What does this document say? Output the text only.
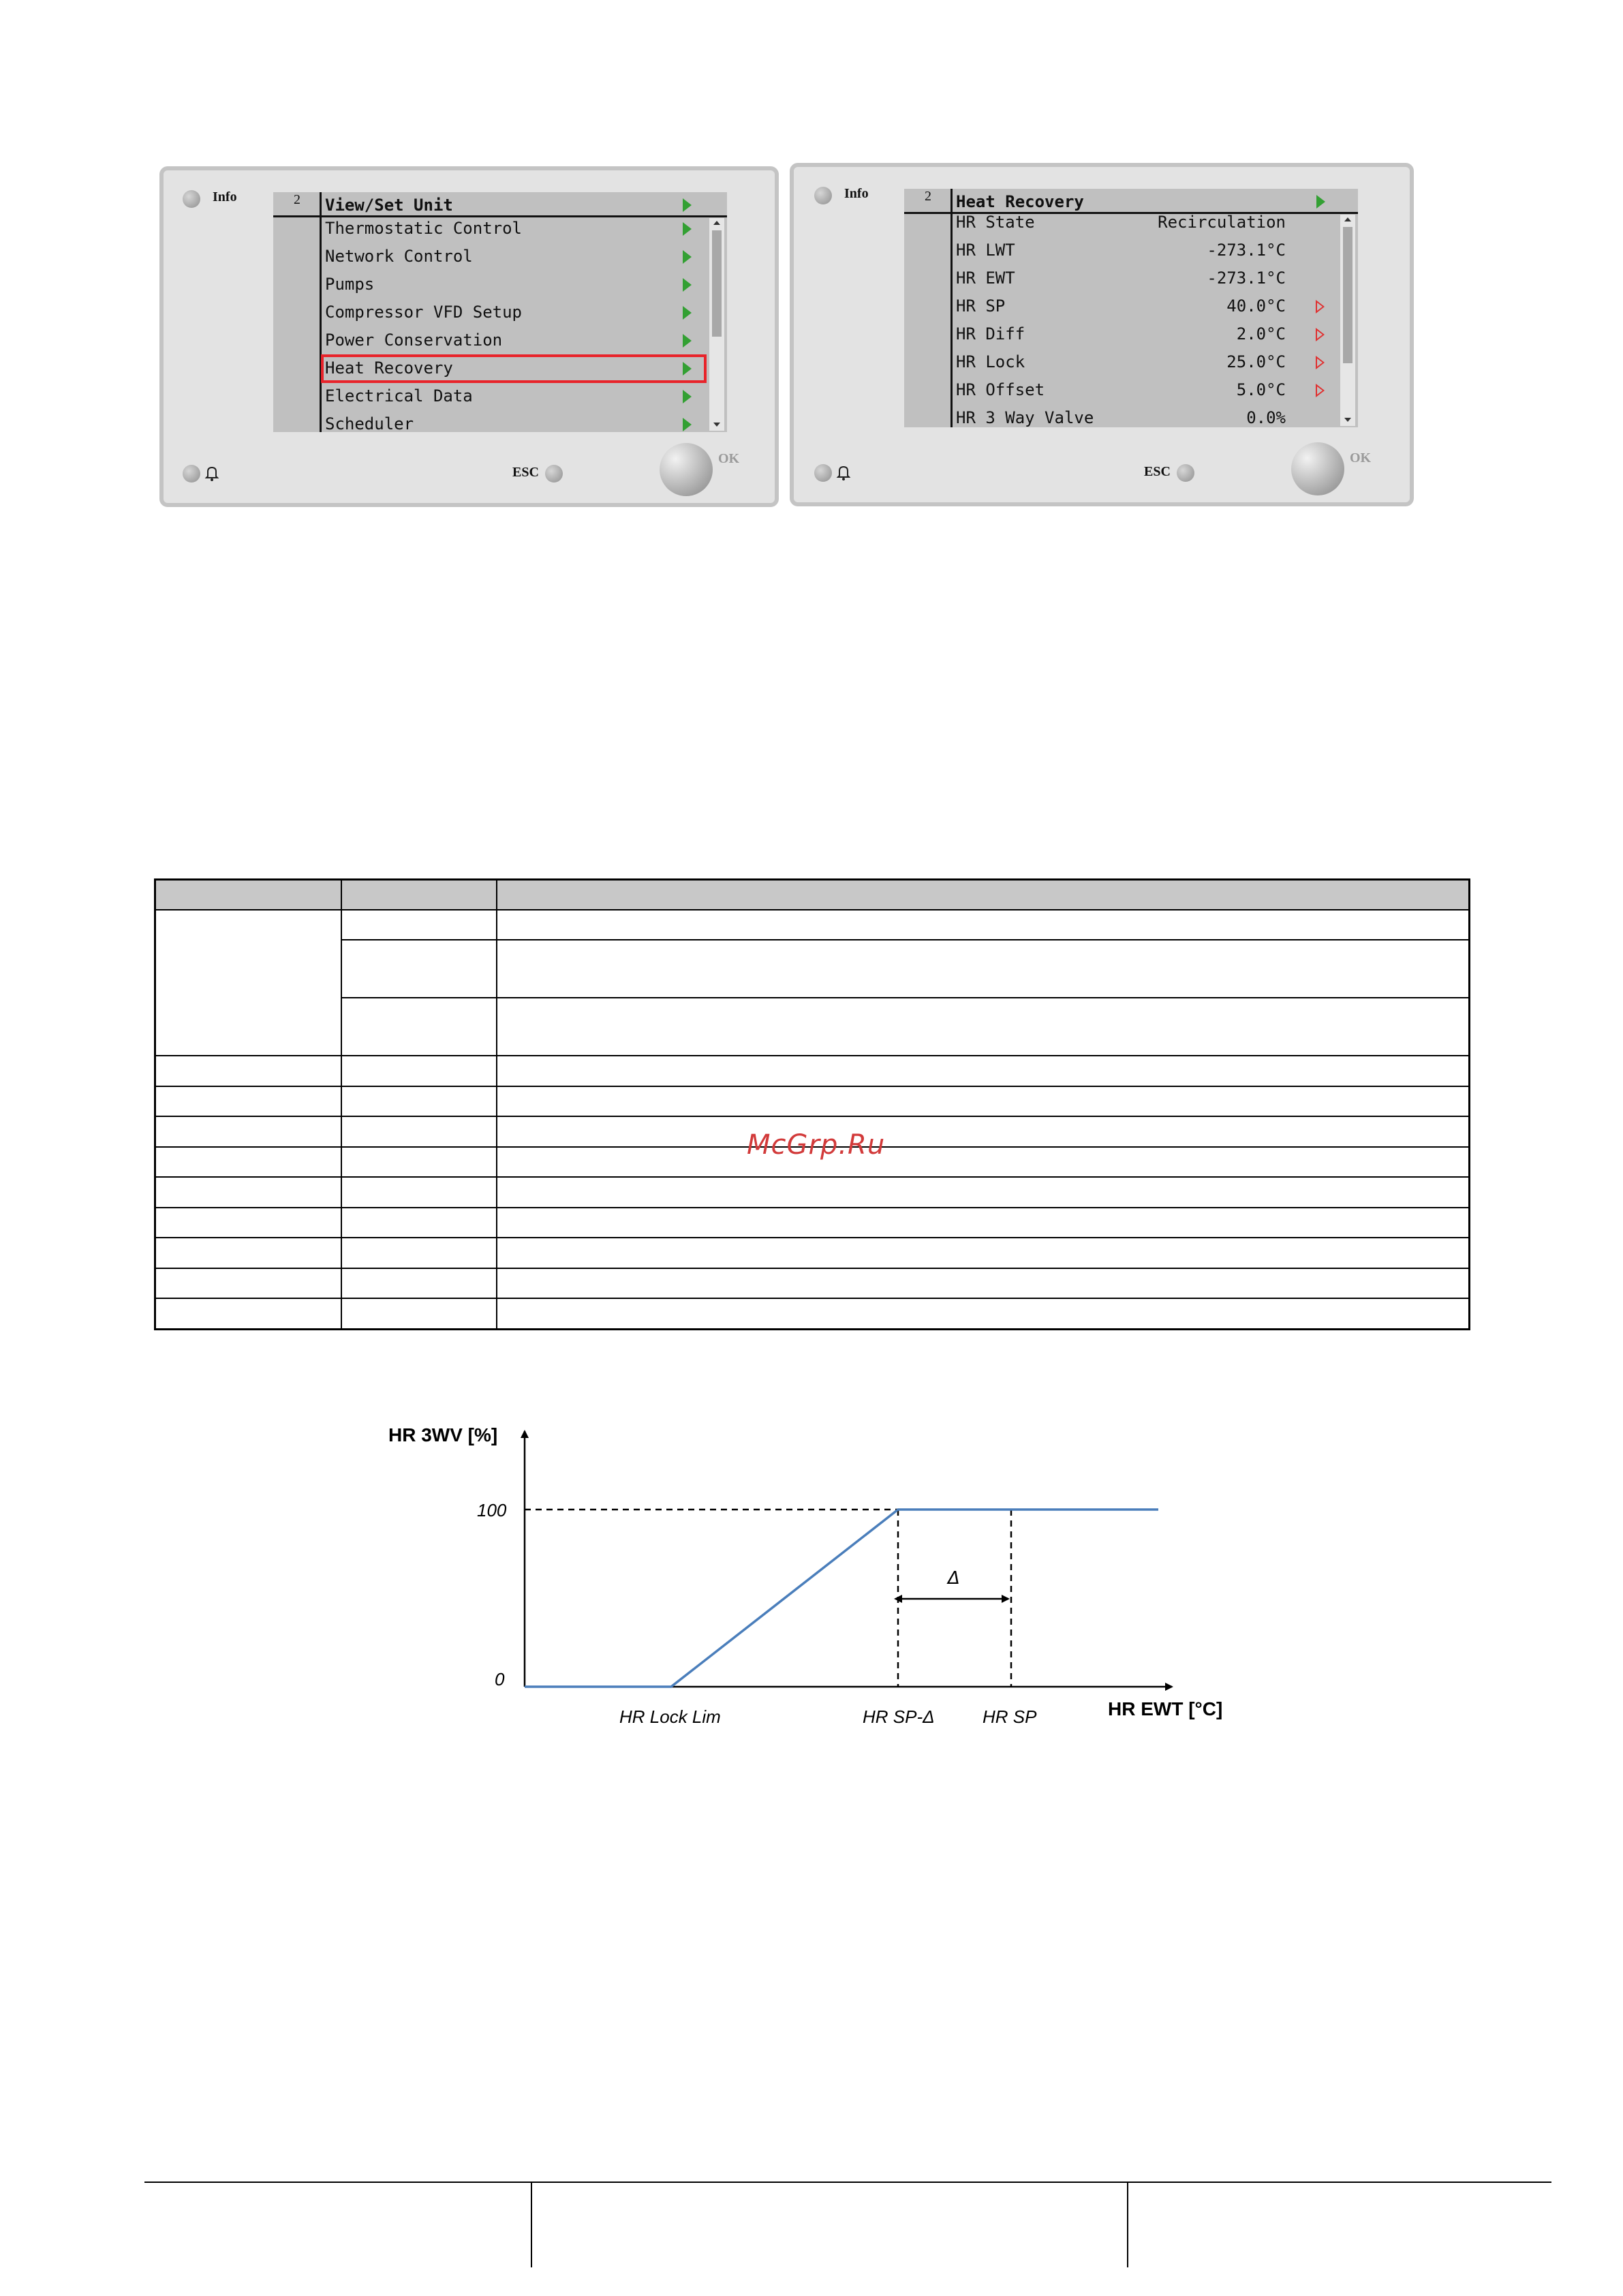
Info	2 View/Set Unit
Thermostatic Control
Network Control
Pumps
Compressor VFD Setup
Power Conservation
Heat Recovery
Electrical Data
Scheduler
ESC
OK
Info	2 Heat Recovery
HR State	Recirculation
HR LWT	-273.1°C
HR EWT	-273.1°C
HR SP	40.0°C
HR Diff	2.0°C
HR Lock	25.0°C
HR Offset	5.0°C
HR 3 Way Valve	0.0%
ESC
OK
McGrp.Ru
HR 3WV [%]
HR EWT [°C]
100
0
Δ
HR Lock Lim	HR SP-Δ	HR SP
